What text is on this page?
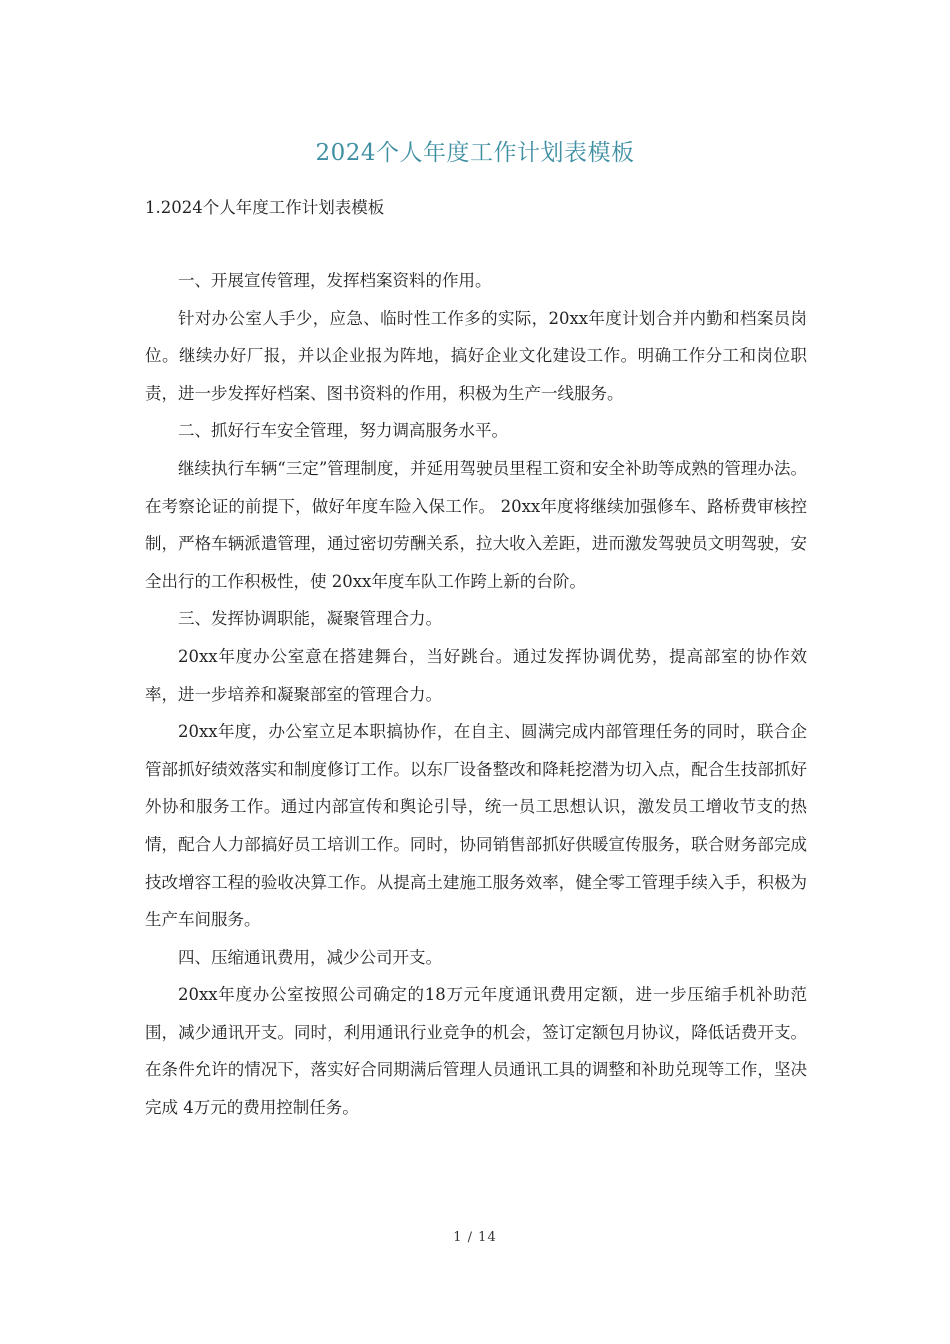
2024个人年度工作计划表模板
1.2024个人年度工作计划表模板

一、开展宣传管理，发挥档案资料的作用。

针对办公室人手少，应急、临时性工作多的实际，20xx年度计划合并内勤和档案员岗位。继续办好厂报，并以企业报为阵地，搞好企业文化建设工作。明确工作分工和岗位职责，进一步发挥好档案、图书资料的作用，积极为生产一线服务。

二、抓好行车安全管理，努力调高服务水平。

继续执行车辆“三定”管理制度，并延用驾驶员里程工资和安全补助等成熟的管理办法。在考察论证的前提下，做好年度车险入保工作。 20xx年度将继续加强修车、路桥费审核控制，严格车辆派遣管理，通过密切劳酬关系，拉大收入差距，进而激发驾驶员文明驾驶，安全出行的工作积极性，使 20xx年度车队工作跨上新的台阶。

三、发挥协调职能，凝聚管理合力。

20xx年度办公室意在搭建舞台，当好跳台。通过发挥协调优势，提高部室的协作效率，进一步培养和凝聚部室的管理合力。

20xx年度，办公室立足本职搞协作，在自主、圆满完成内部管理任务的同时，联合企管部抓好绩效落实和制度修订工作。以东厂设备整改和降耗挖潜为切入点，配合生技部抓好外协和服务工作。通过内部宣传和舆论引导，统一员工思想认识，激发员工增收节支的热情，配合人力部搞好员工培训工作。同时，协同销售部抓好供暖宣传服务，联合财务部完成技改增容工程的验收决算工作。从提高土建施工服务效率，健全零工管理手续入手，积极为生产车间服务。

四、压缩通讯费用，减少公司开支。

20xx年度办公室按照公司确定的18万元年度通讯费用定额，进一步压缩手机补助范围，减少通讯开支。同时，利用通讯行业竞争的机会，签订定额包月协议，降低话费开支。在条件允许的情况下，落实好合同期满后管理人员通讯工具的调整和补助兑现等工作，坚决完成 4万元的费用控制任务。

1 / 14
